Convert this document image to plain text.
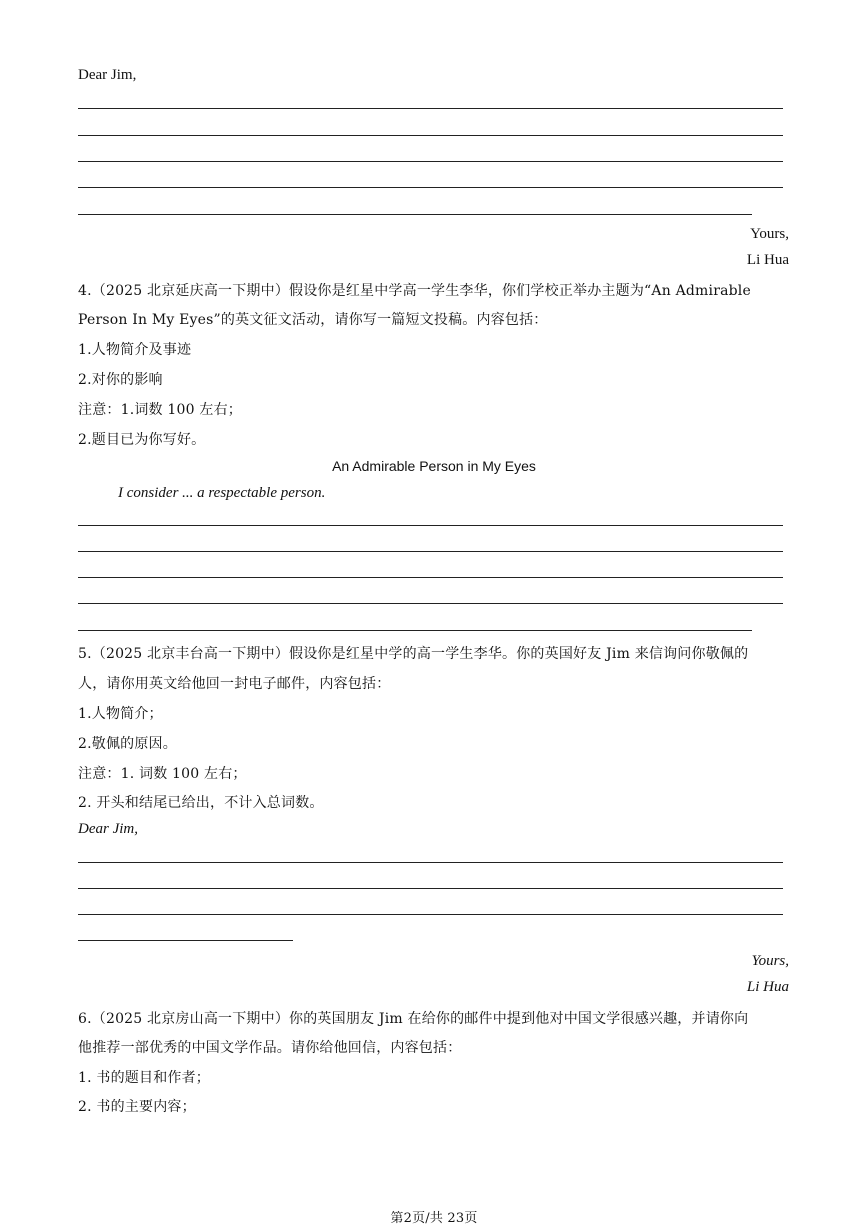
Dear Jim,
Yours,
Li Hua
4.（2025 北京延庆高一下期中）假设你是红星中学高一学生李华，你们学校正举办主题为“An Admirable
Person In My Eyes”的英文征文活动，请你写一篇短文投稿。内容包括：
1.人物简介及事迹
2.对你的影响
注意：1.词数 100 左右；
2.题目已为你写好。
An Admirable Person in My Eyes
I consider ... a respectable person.
5.（2025 北京丰台高一下期中）假设你是红星中学的高一学生李华。你的英国好友 Jim 来信询问你敬佩的
人，请你用英文给他回一封电子邮件，内容包括：
1.人物简介；
2.敬佩的原因。
注意：1. 词数 100 左右；
2. 开头和结尾已给出，不计入总词数。
Dear Jim,
Yours,
Li Hua
6.（2025 北京房山高一下期中）你的英国朋友 Jim 在给你的邮件中提到他对中国文学很感兴趣，并请你向
他推荐一部优秀的中国文学作品。请你给他回信，内容包括：
1. 书的题目和作者；
2. 书的主要内容；
第2页/共 23页
